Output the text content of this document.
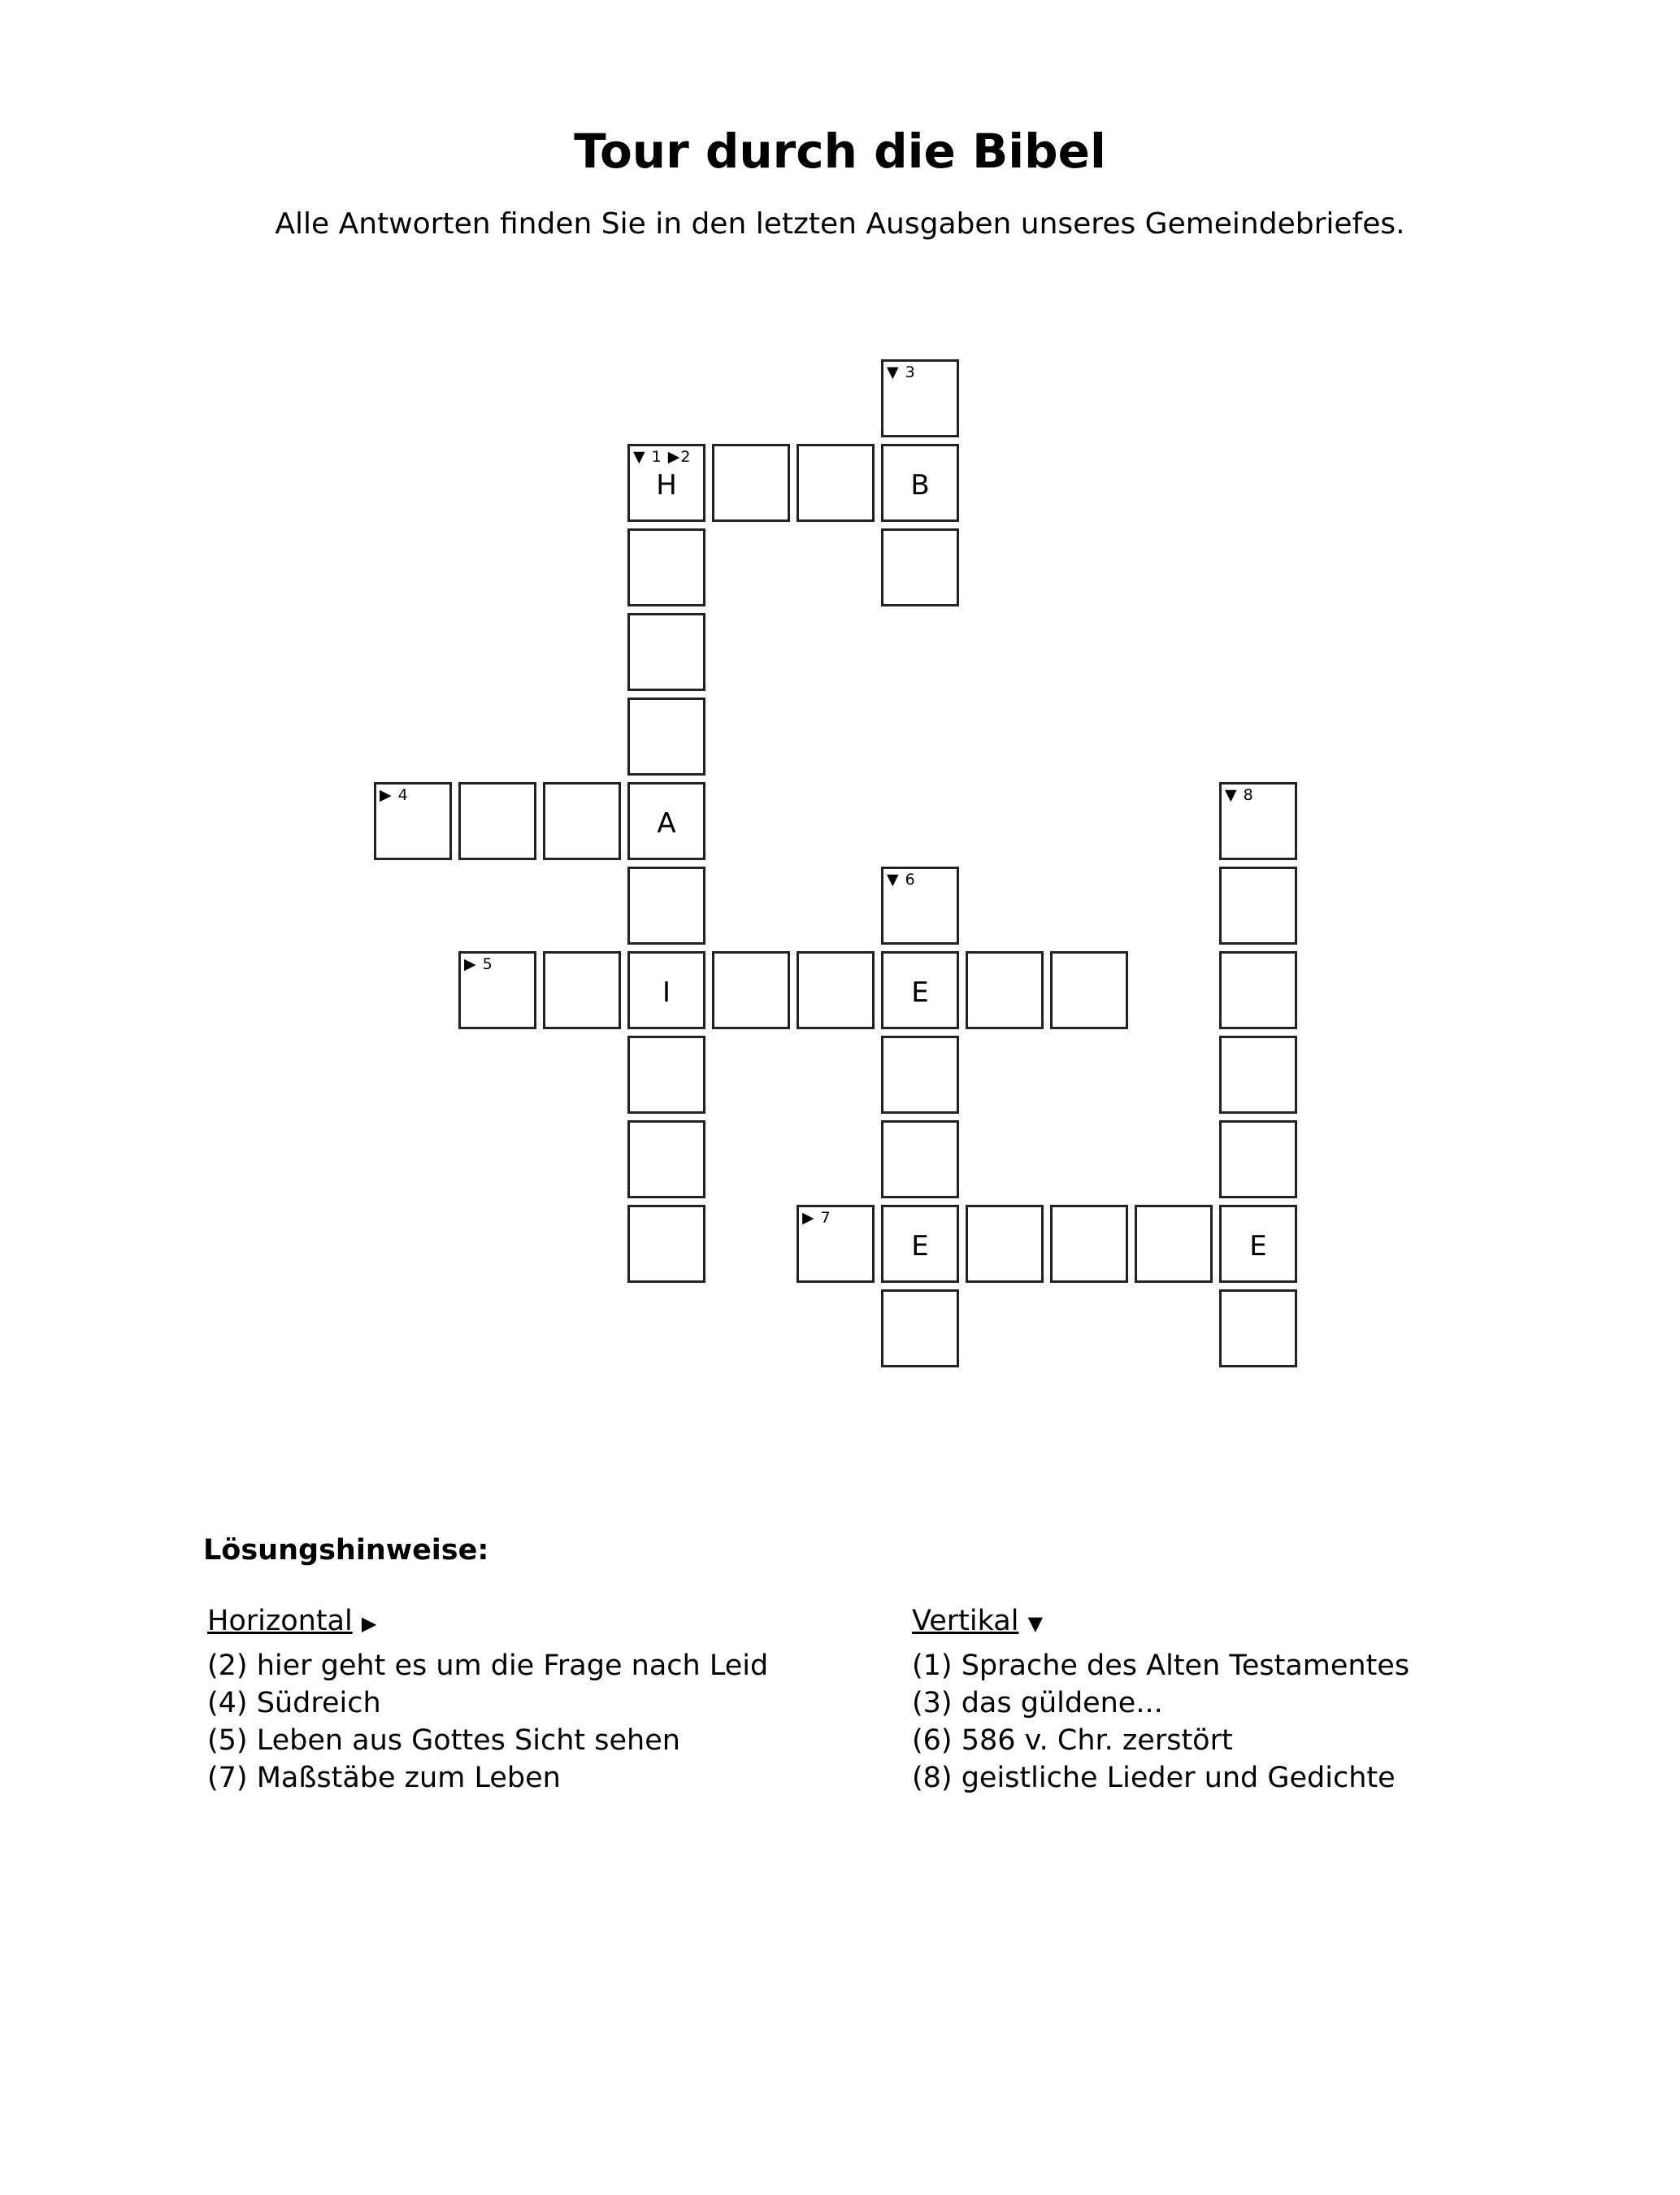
Tour durch die Bibel

Alle Antworten finden Sie in den letzten Ausgaben unseres Gemeindebriefes.

▼ 3
▼ 1 ▶2
H	B
▶ 4
A
▼ 8
▼ 6
▶ 5
I	E
▶ 7
E	E
Lösungshinweise:
Horizontal ▶
(2) hier geht es um die Frage nach Leid
(4) Südreich
(5) Leben aus Gottes Sicht sehen
(7) Maßstäbe zum Leben
Vertikal ▼
(1) Sprache des Alten Testamentes
(3) das güldene...
(6) 586 v. Chr. zerstört
(8) geistliche Lieder und Gedichte
